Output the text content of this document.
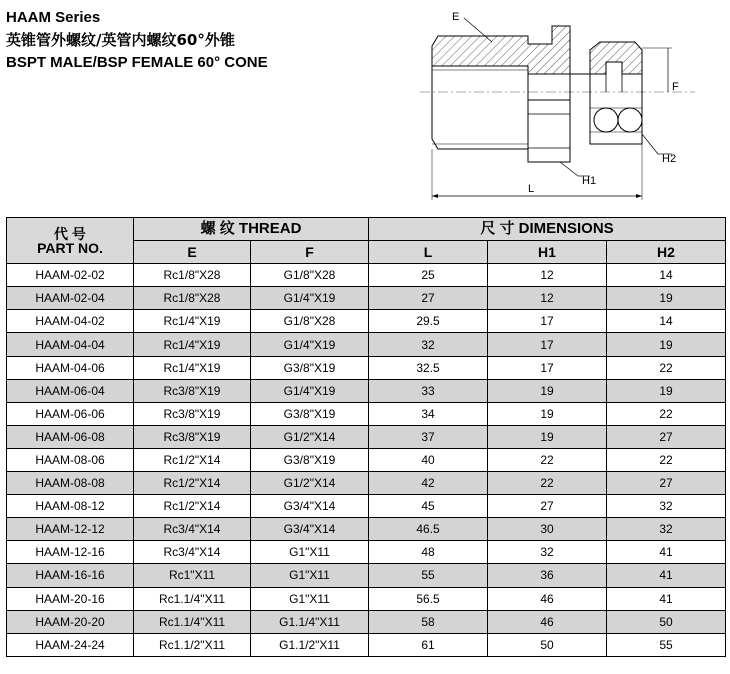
HAAM Series
英锥管外螺纹/英管内螺纹60°外锥
BSPT MALE/BSP FEMALE 60° CONE
E
F
H2
H1
L
代 号
PART NO.	螺 纹 THREAD		尺 寸 DIMENSIONS		
	E	F	L	H1	H2
HAAM-02-02	Rc1/8"X28	G1/8"X28	25	12	14
HAAM-02-04	Rc1/8"X28	G1/4"X19	27	12	19
HAAM-04-02	Rc1/4"X19	G1/8"X28	29.5	17	14
HAAM-04-04	Rc1/4"X19	G1/4"X19	32	17	19
HAAM-04-06	Rc1/4"X19	G3/8"X19	32.5	17	22
HAAM-06-04	Rc3/8"X19	G1/4"X19	33	19	19
HAAM-06-06	Rc3/8"X19	G3/8"X19	34	19	22
HAAM-06-08	Rc3/8"X19	G1/2"X14	37	19	27
HAAM-08-06	Rc1/2"X14	G3/8"X19	40	22	22
HAAM-08-08	Rc1/2"X14	G1/2"X14	42	22	27
HAAM-08-12	Rc1/2"X14	G3/4"X14	45	27	32
HAAM-12-12	Rc3/4"X14	G3/4"X14	46.5	30	32
HAAM-12-16	Rc3/4"X14	G1"X11	48	32	41
HAAM-16-16	Rc1"X11	G1"X11	55	36	41
HAAM-20-16	Rc1.1/4"X11	G1"X11	56.5	46	41
HAAM-20-20	Rc1.1/4"X11	G1.1/4"X11	58	46	50
HAAM-24-24	Rc1.1/2"X11	G1.1/2"X11	61	50	55
